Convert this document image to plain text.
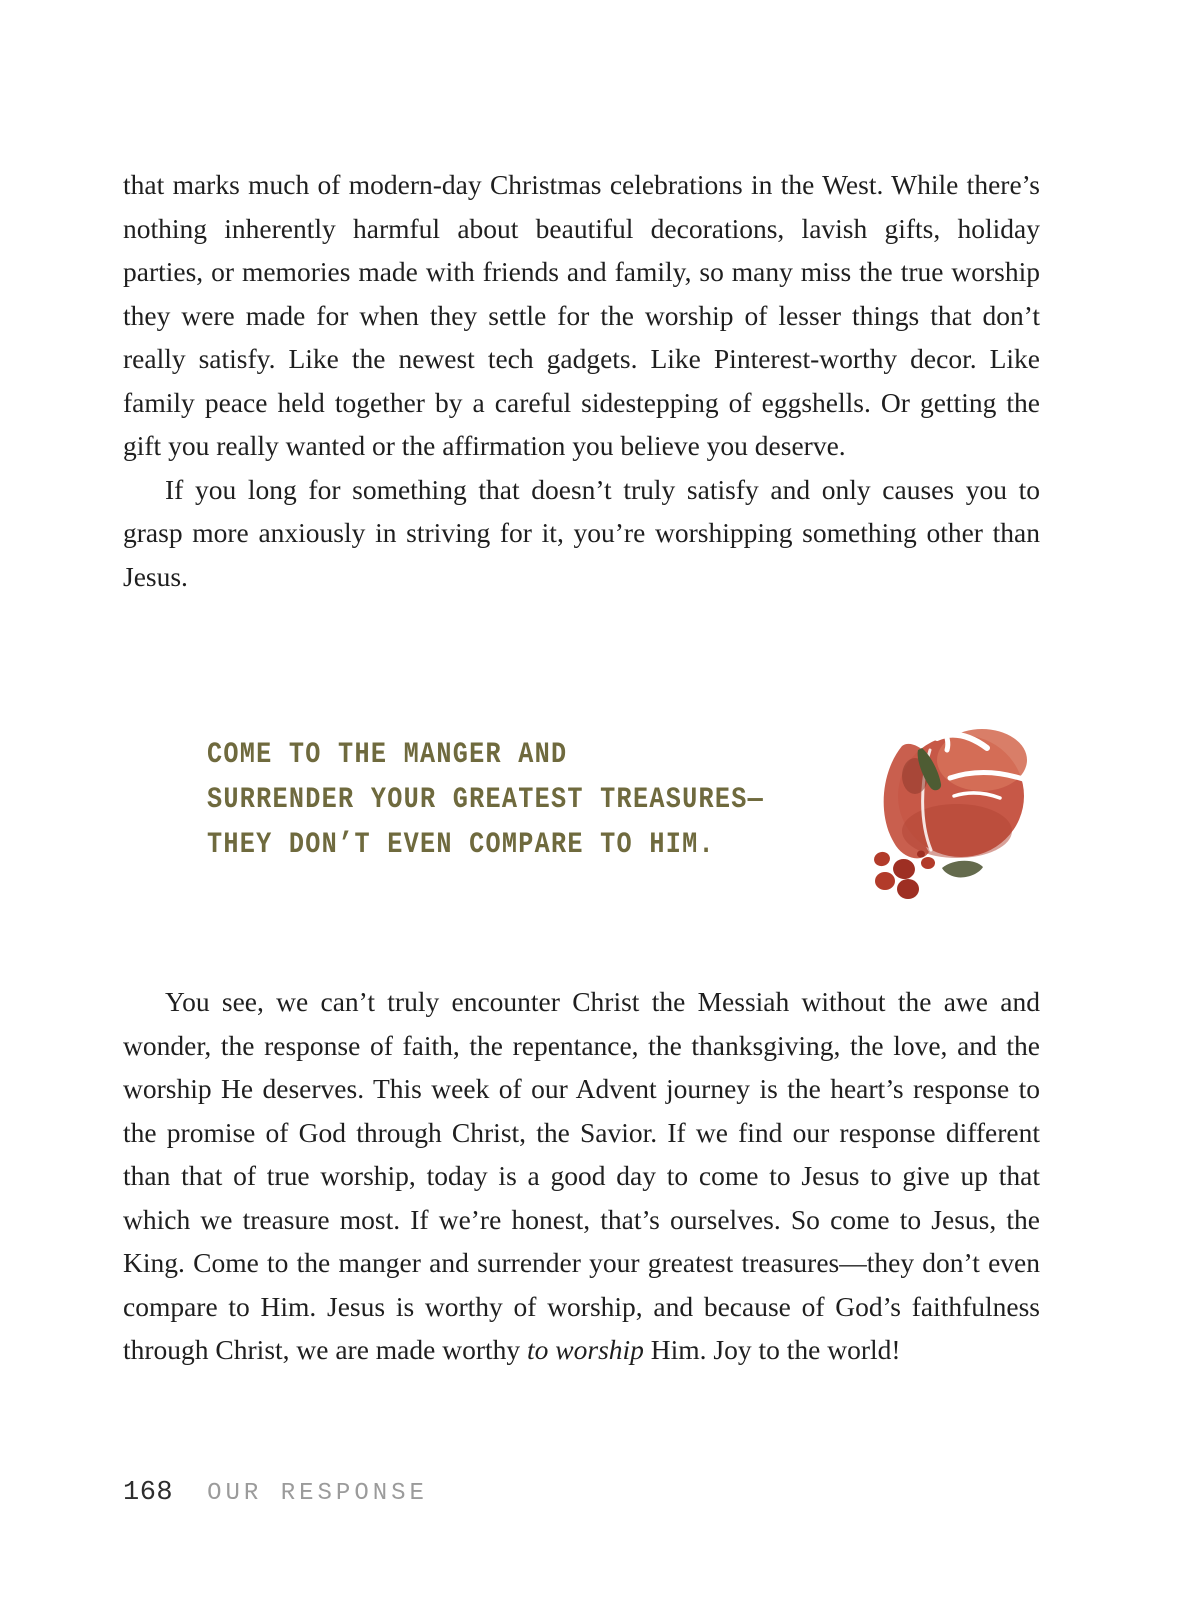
that marks much of modern-day Christmas celebrations in the West. While there’s nothing inherently harmful about beautiful decorations, lavish gifts, holiday parties, or memories made with friends and family, so many miss the true worship they were made for when they settle for the worship of lesser things that don’t really satisfy. Like the newest tech gadgets. Like Pinterest-worthy decor. Like family peace held together by a careful sidestepping of eggshells. Or getting the gift you really wanted or the affirmation you believe you deserve.

If you long for something that doesn’t truly satisfy and only causes you to grasp more anxiously in striving for it, you’re worshipping something other than Jesus.

COME TO THE MANGER AND
SURRENDER YOUR GREATEST TREASURES—
THEY DON’T EVEN COMPARE TO HIM.

You see, we can’t truly encounter Christ the Messiah without the awe and wonder, the response of faith, the repentance, the thanksgiving, the love, and the worship He deserves. This week of our Advent journey is the heart’s response to the promise of God through Christ, the Savior. If we find our response different than that of true worship, today is a good day to come to Jesus to give up that which we treasure most. If we’re honest, that’s ourselves. So come to Jesus, the King. Come to the manger and surrender your greatest treasures—they don’t even compare to Him. Jesus is worthy of worship, and because of God’s faithfulness through Christ, we are made worthy to worship Him. Joy to the world!

168 OUR RESPONSE
